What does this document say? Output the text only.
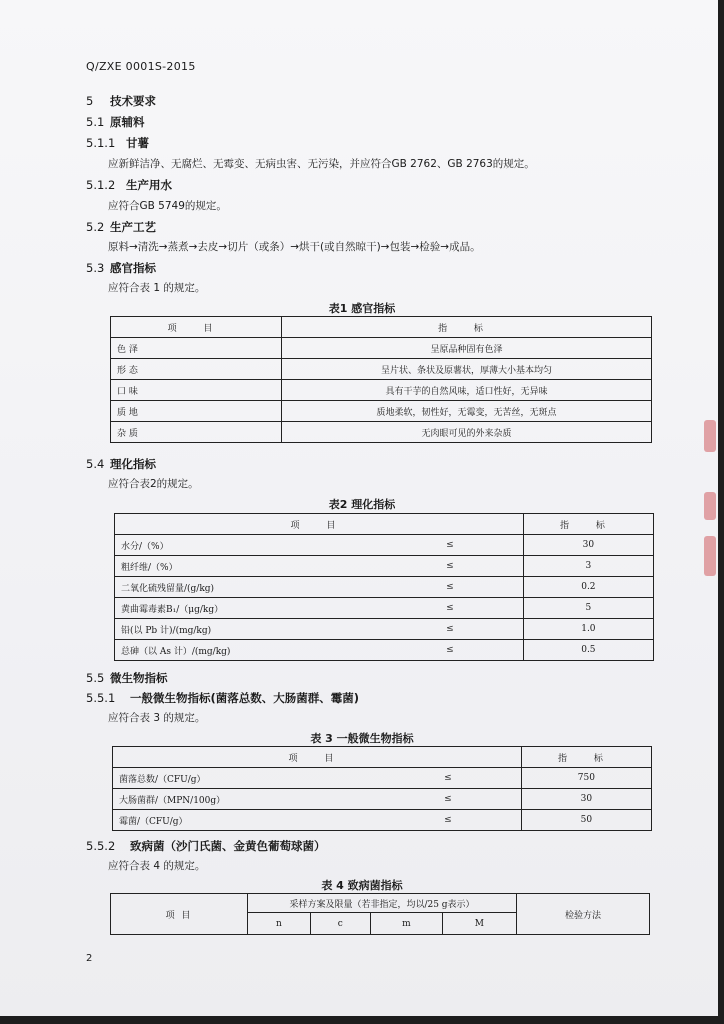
Q/ZXE 0001S-2015
5 技术要求
5.1 原辅料
5.1.1 甘薯
应新鲜洁净、无腐烂、无霉变、无病虫害、无污染，并应符合GB 2762、GB 2763的规定。
5.1.2 生产用水
应符合GB 5749的规定。
5.2 生产工艺
原料→清洗→蒸煮→去皮→切片（或条）→烘干(或自然晾干)→包装→检验→成品。
5.3 感官指标
应符合表 1 的规定。
表1 感官指标
项 目	指 标
色 泽	呈原品种固有色泽
形 态	呈片状、条状及原薯状，厚薄大小基本均匀
口 味	具有干芋的自然风味，适口性好，无异味
质 地	质地柔软，韧性好，无霉变，无苦丝，无斑点
杂 质	无肉眼可见的外来杂质
5.4 理化指标
应符合表2的规定。
表2 理化指标
项 目		指 标
水分/（%）	≤	30
粗纤维/（%）	≤	3
二氧化硫残留量/(g/kg)	≤	0.2
黄曲霉毒素B₁/（μg/kg）	≤	5
铅(以 Pb 计)/(mg/kg)	≤	1.0
总砷（以 As 计）/(mg/kg)	≤	0.5
5.5 微生物指标
5.5.1 一般微生物指标(菌落总数、大肠菌群、霉菌)
应符合表 3 的规定。
表 3 一般微生物指标
项 目		指 标
菌落总数/（CFU/g）	≤	750
大肠菌群/（MPN/100g）	≤	30
霉菌/（CFU/g）	≤	50
5.5.2 致病菌（沙门氏菌、金黄色葡萄球菌）
应符合表 4 的规定。
表 4 致病菌指标
项 目	采样方案及限量（若非指定，均以/25 g表示）				检验方法
	n	c	m	M	
2
